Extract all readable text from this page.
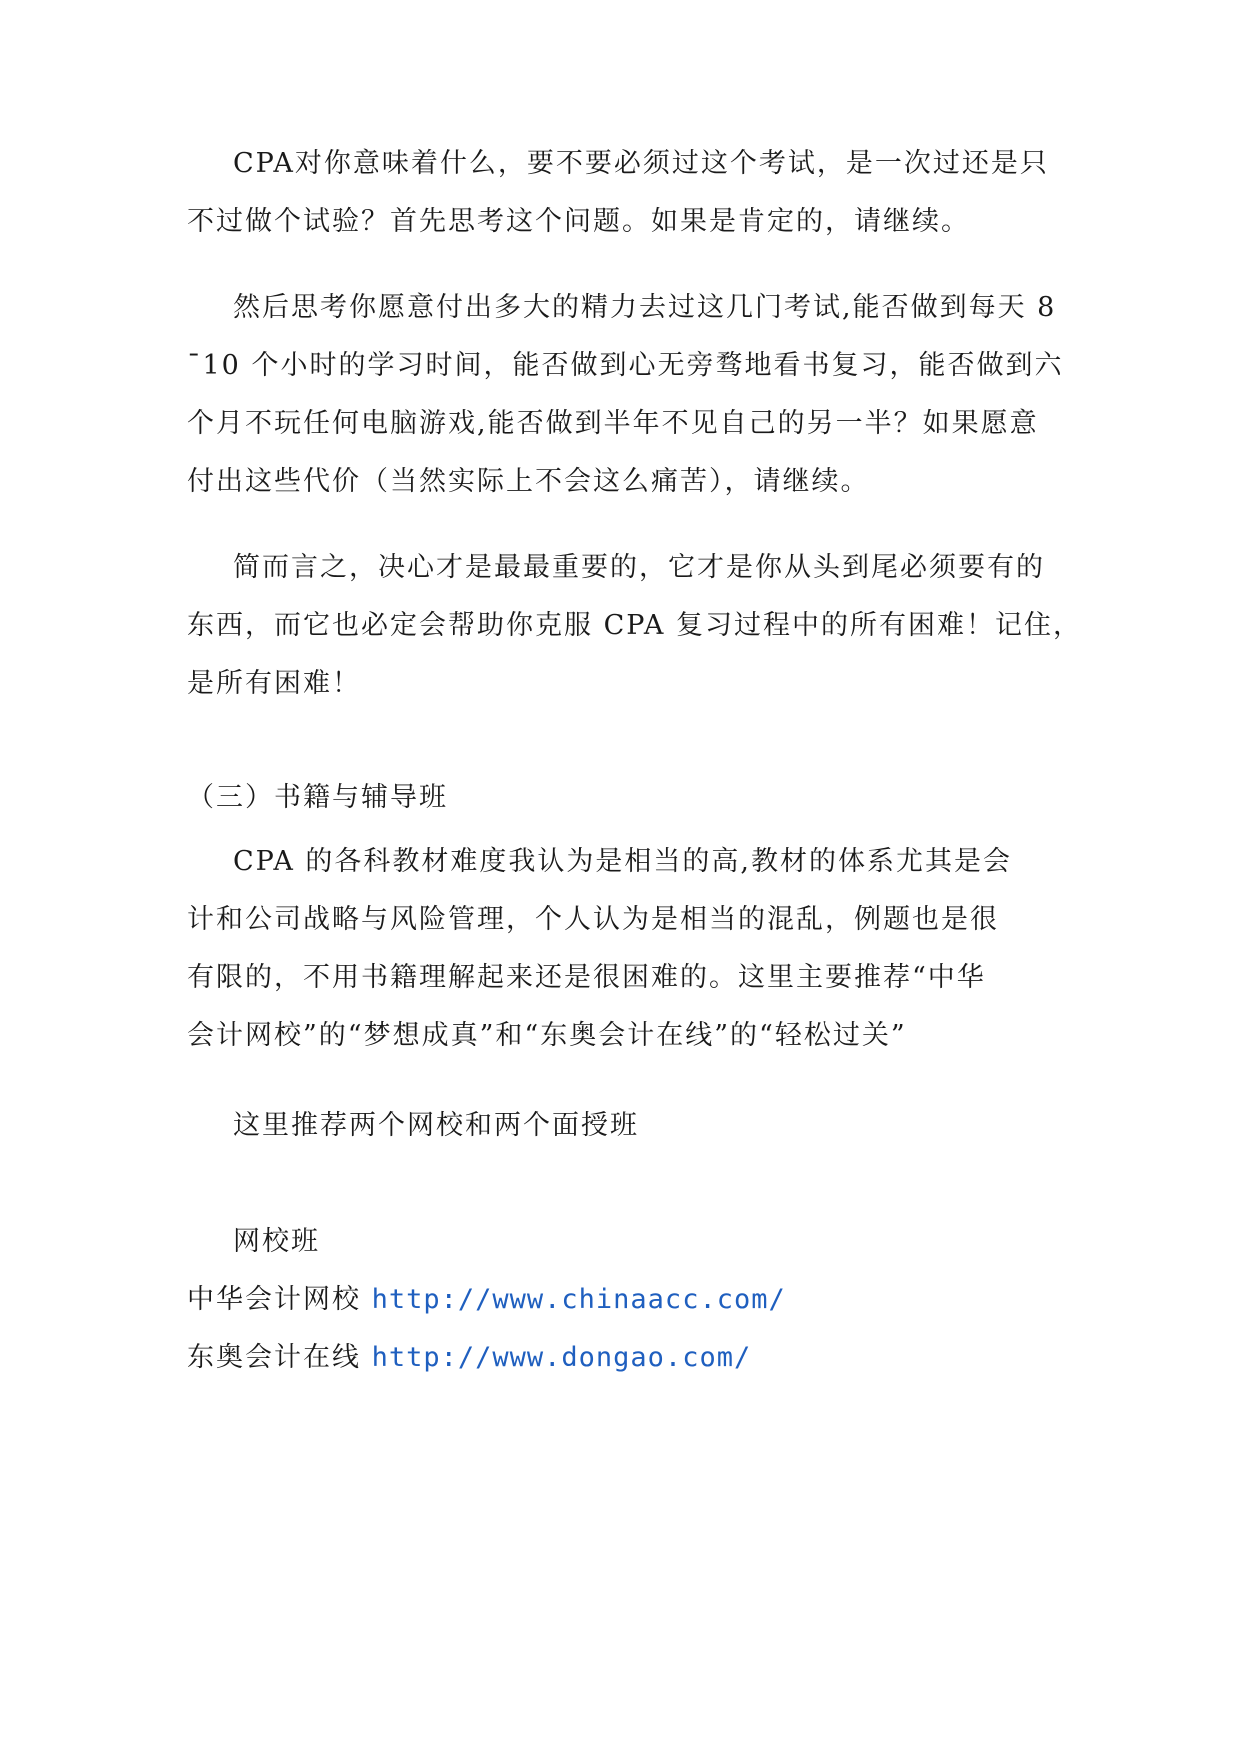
CPA对你意味着什么，要不要必须过这个考试，是一次过还是只
不过做个试验？首先思考这个问题。如果是肯定的，请继续。
然后思考你愿意付出多大的精力去过这几门考试,能否做到每天 8
¯10 个小时的学习时间，能否做到心无旁骛地看书复习，能否做到六
个月不玩任何电脑游戏,能否做到半年不见自己的另一半？如果愿意
付出这些代价（当然实际上不会这么痛苦），请继续。
简而言之，决心才是最最重要的，它才是你从头到尾必须要有的
东西，而它也必定会帮助你克服 CPA 复习过程中的所有困难！记住，
是所有困难！
（三）书籍与辅导班
CPA 的各科教材难度我认为是相当的高,教材的体系尤其是会
计和公司战略与风险管理，个人认为是相当的混乱，例题也是很
有限的，不用书籍理解起来还是很困难的。这里主要推荐“中华
会计网校”的“梦想成真”和“东奥会计在线”的“轻松过关”
这里推荐两个网校和两个面授班
网校班
中华会计网校 http://www.chinaacc.com/
东奥会计在线 http://www.dongao.com/
